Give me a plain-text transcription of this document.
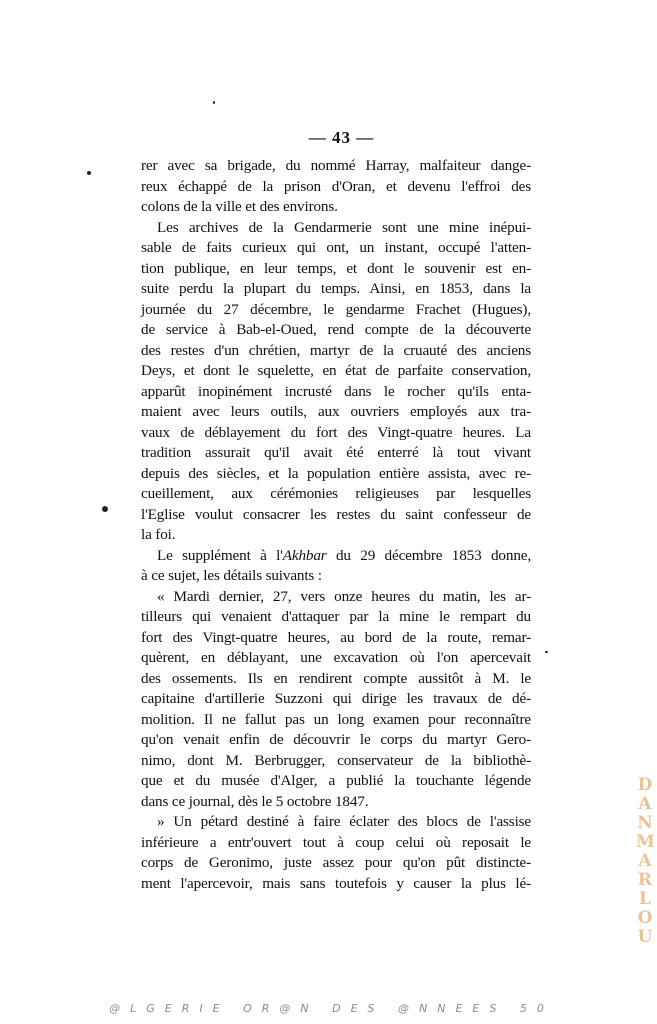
— 43 —
rer avec sa brigade, du nommé Harray, malfaiteur dange-
reux échappé de la prison d'Oran, et devenu l'effroi des
colons de la ville et des environs.
Les archives de la Gendarmerie sont une mine inépui-
sable de faits curieux qui ont, un instant, occupé l'atten-
tion publique, en leur temps, et dont le souvenir est en-
suite perdu la plupart du temps. Ainsi, en 1853, dans la
journée du 27 décembre, le gendarme Frachet (Hugues),
de service à Bab-el-Oued, rend compte de la découverte
des restes d'un chrétien, martyr de la cruauté des anciens
Deys, et dont le squelette, en état de parfaite conservation,
apparût inopinément incrusté dans le rocher qu'ils enta-
maient avec leurs outils, aux ouvriers employés aux tra-
vaux de déblayement du fort des Vingt-quatre heures. La
tradition assurait qu'il avait été enterré là tout vivant
depuis des siècles, et la population entière assista, avec re-
cueillement, aux cérémonies religieuses par lesquelles
l'Eglise voulut consacrer les restes du saint confesseur de
la foi.
Le supplément à l'Akhbar du 29 décembre 1853 donne,
à ce sujet, les détails suivants :
« Mardi dernier, 27, vers onze heures du matin, les ar-
tilleurs qui venaient d'attaquer par la mine le rempart du
fort des Vingt-quatre heures, au bord de la route, remar-
quèrent, en déblayant, une excavation où l'on apercevait
des ossements. Ils en rendirent compte aussitôt à M. le
capitaine d'artillerie Suzzoni qui dirige les travaux de dé-
molition. Il ne fallut pas un long examen pour reconnaître
qu'on venait enfin de découvrir le corps du martyr Gero-
nimo, dont M. Berbrugger, conservateur de la bibliothè-
que et du musée d'Alger, a publié la touchante légende
dans ce journal, dès le 5 octobre 1847.
» Un pétard destiné à faire éclater des blocs de l'assise
inférieure a entr'ouvert tout à coup celui où reposait le
corps de Geronimo, juste assez pour qu'on pût distincte-
ment l'apercevoir, mais sans toutefois y causer la plus lé-
D
A
N
M
A
R
L
O
U
@LGERIE OR@N DES @NNEES 50
